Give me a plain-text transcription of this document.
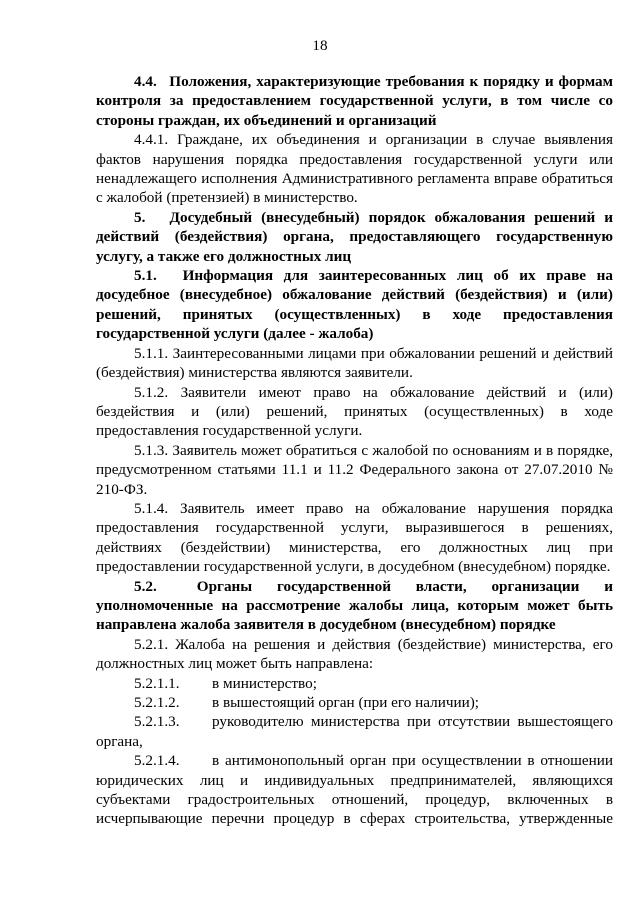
18

4.4.  Положения, характеризующие требования к порядку и формам контроля за предоставлением государственной услуги, в том числе со стороны граждан, их объединений и организаций

4.4.1. Граждане, их объединения и организации в случае выявления фактов нарушения порядка предоставления государственной услуги или ненадлежащего исполнения Административного регламента вправе обратиться с жалобой (претензией) в министерство.

5.  Досудебный (внесудебный) порядок обжалования решений и действий (бездействия) органа, предоставляющего государственную услугу, а также его должностных лиц

5.1.  Информация для заинтересованных лиц об их праве на досудебное (внесудебное) обжалование действий (бездействия) и (или) решений, принятых (осуществленных) в ходе предоставления государственной услуги (далее - жалоба)

5.1.1. Заинтересованными лицами при обжаловании решений и действий (бездействия) министерства являются заявители.

5.1.2. Заявители имеют право на обжалование действий и (или) бездействия и (или) решений, принятых (осуществленных) в ходе предоставления государственной услуги.

5.1.3. Заявитель может обратиться с жалобой по основаниям и в порядке, предусмотренном статьями 11.1 и 11.2 Федерального закона от 27.07.2010 № 210-ФЗ.

5.1.4. Заявитель имеет право на обжалование нарушения порядка предоставления государственной услуги, выразившегося в решениях, действиях (бездействии) министерства, его должностных лиц при предоставлении государственной услуги, в досудебном (внесудебном) порядке.

5.2.  Органы государственной власти, организации и уполномоченные на рассмотрение жалобы лица, которым может быть направлена жалоба заявителя в досудебном (внесудебном) порядке

5.2.1. Жалоба на решения и действия (бездействие) министерства, его должностных лиц может быть направлена:

5.2.1.1.	в министерство;
5.2.1.2.	в вышестоящий орган (при его наличии);
5.2.1.3.	руководителю министерства при отсутствии вышестоящего

органа,

5.2.1.4.	в антимонопольный орган при осуществлении в отношении

юридических лиц и индивидуальных предпринимателей, являющихся субъектами градостроительных отношений, процедур, включенных в исчерпывающие перечни процедур в сферах строительства, утвержденные
